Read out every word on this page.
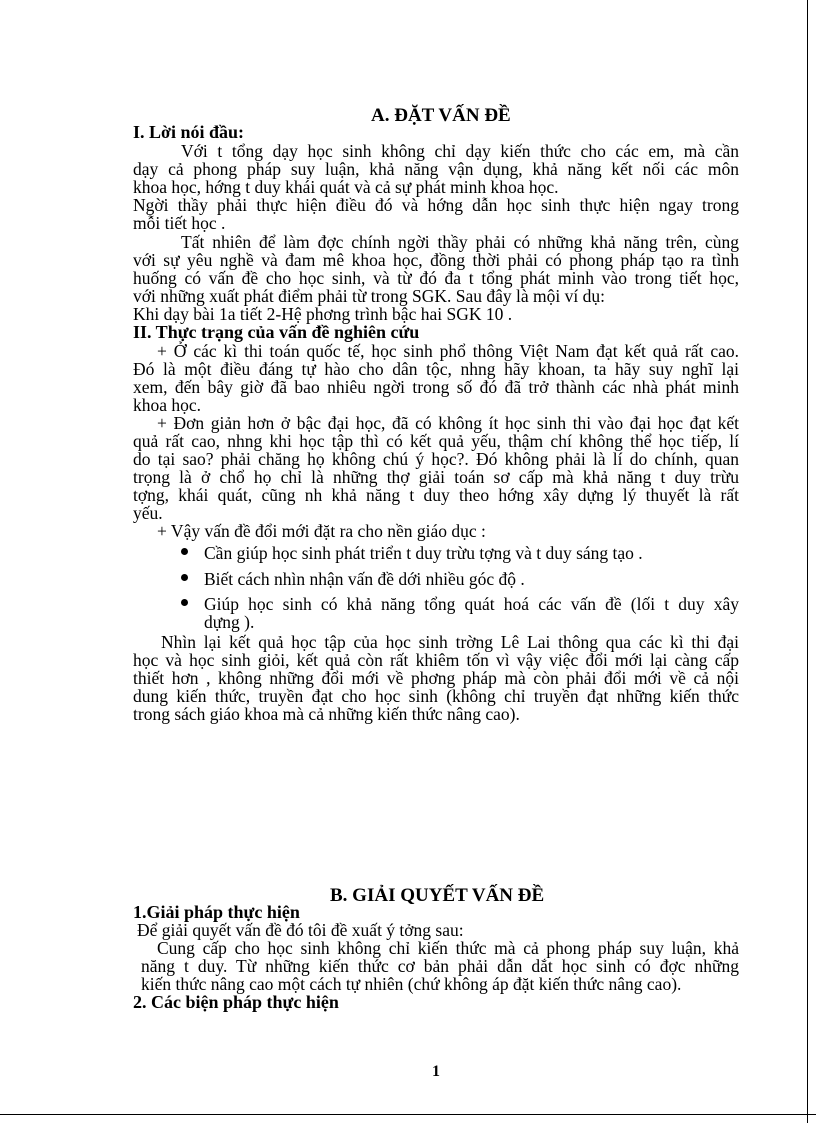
A. ĐẶT VẤN ĐỀ
I. Lời nói đầu:
Với t tổng dạy học sinh không chỉ dạy kiến thức cho các em, mà cần
dạy cả phong pháp suy luận, khả năng vận dụng, khả năng kết nối các môn
khoa học, hớng t duy khái quát và cả sự phát minh khoa học.
Ngời thầy phải thực hiện điều đó và hớng dẫn học sinh thực hiện ngay trong
mỗi tiết học .
Tất nhiên để làm đợc chính ngời thầy phải có những khả năng trên, cùng
với sự yêu nghề và đam mê khoa học, đồng thời phải có phong pháp tạo ra tình
huống có vấn đề cho học sinh, và từ đó đa t tổng phát minh vào trong tiết học,
với những xuất phát điểm phải từ trong SGK. Sau đây là mội ví dụ:
Khi dạy bài 1a tiết 2-Hệ phơng trình bậc hai SGK 10 .
II. Thực trạng của vấn đề nghiên cứu
+ Ở các kì thi toán quốc tế, học sinh phổ thông Việt Nam đạt kết quả rất cao.
Đó là một điều đáng tự hào cho dân tộc, nhng hãy khoan, ta hãy suy nghĩ lại
xem, đến bây giờ đã bao nhiêu ngời trong số đó đã trở thành các nhà phát minh
khoa học.
+ Đơn giản hơn ở bậc đại học, đã có không ít học sinh thi vào đại học đạt kết
quả rất cao, nhng khi học tập thì có kết quả yếu, thậm chí không thể học tiếp, lí
do tại sao? phải chăng họ không chú ý học?. Đó không phải là lí do chính, quan
trọng là ở chổ họ chỉ là những thợ giải toán sơ cấp mà khả năng t duy trừu
tợng, khái quát, cũng nh khả năng t duy theo hớng xây dựng lý thuyết là rất
yếu.
+ Vậy vấn đề đổi mới đặt ra cho nền giáo dục :
Cần giúp học sinh phát triển t duy trừu tợng và t duy sáng tạo .
Biết cách nhìn nhận vấn đề dới nhiều góc độ .
Giúp học sinh có khả năng tổng quát hoá các vấn đề (lối t duy xây
dựng ).
Nhìn lại kết quả học tập của học sinh trờng Lê Lai thông qua các kì thi đại
học và học sinh giỏi, kết quả còn rất khiêm tốn vì vậy việc đổi mới lại càng cấp
thiết hơn , không những đổi mới về phơng pháp mà còn phải đổi mới về cả nội
dung kiến thức, truyền đạt cho học sinh (không chỉ truyền đạt những kiến thức
trong sách giáo khoa mà cả những kiến thức nâng cao).
B. GIẢI QUYẾT VẤN ĐỀ
1.Giải pháp thực hiện
Để giải quyết vấn đề đó tôi đề xuất ý tởng sau:
Cung cấp cho học sinh không chỉ kiến thức mà cả phong pháp suy luận, khả
năng t duy. Từ những kiến thức cơ bản phải dẫn dắt học sinh có đợc những
kiến thức nâng cao một cách tự nhiên (chứ không áp đặt kiến thức nâng cao).
2. Các biện pháp thực hiện
1
